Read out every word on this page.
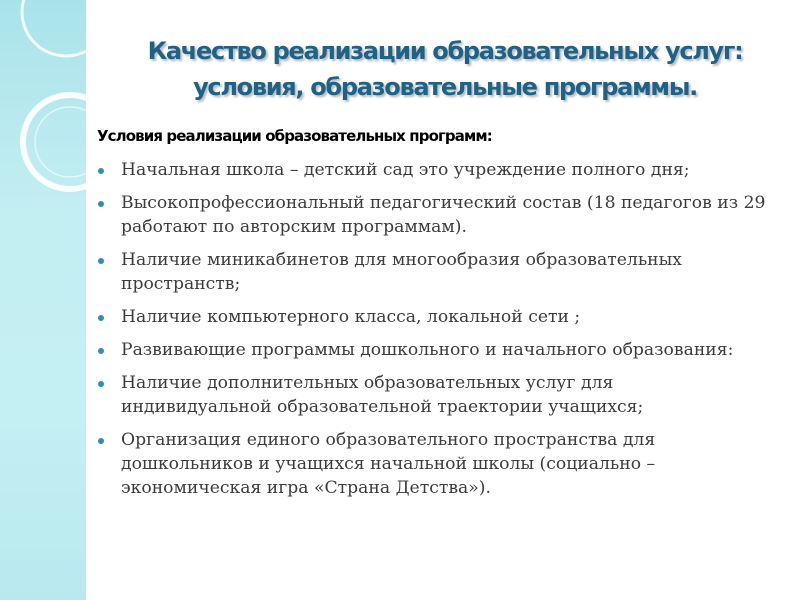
Качество реализации образовательных услуг:
условия, образовательные программы.
Условия реализации образовательных программ:
Начальная школа – детский сад это учреждение полного дня;
Высокопрофессиональный педагогический состав (18 педагогов из 29
работают по авторским программам).
Наличие миникабинетов для многообразия образовательных
пространств;
Наличие компьютерного класса, локальной сети ;
Развивающие программы дошкольного и начального образования:
Наличие дополнительных образовательных услуг для
индивидуальной образовательной траектории учащихся;
Организация единого образовательного пространства для
дошкольников и учащихся начальной школы (социально –
экономическая игра «Страна Детства»).
